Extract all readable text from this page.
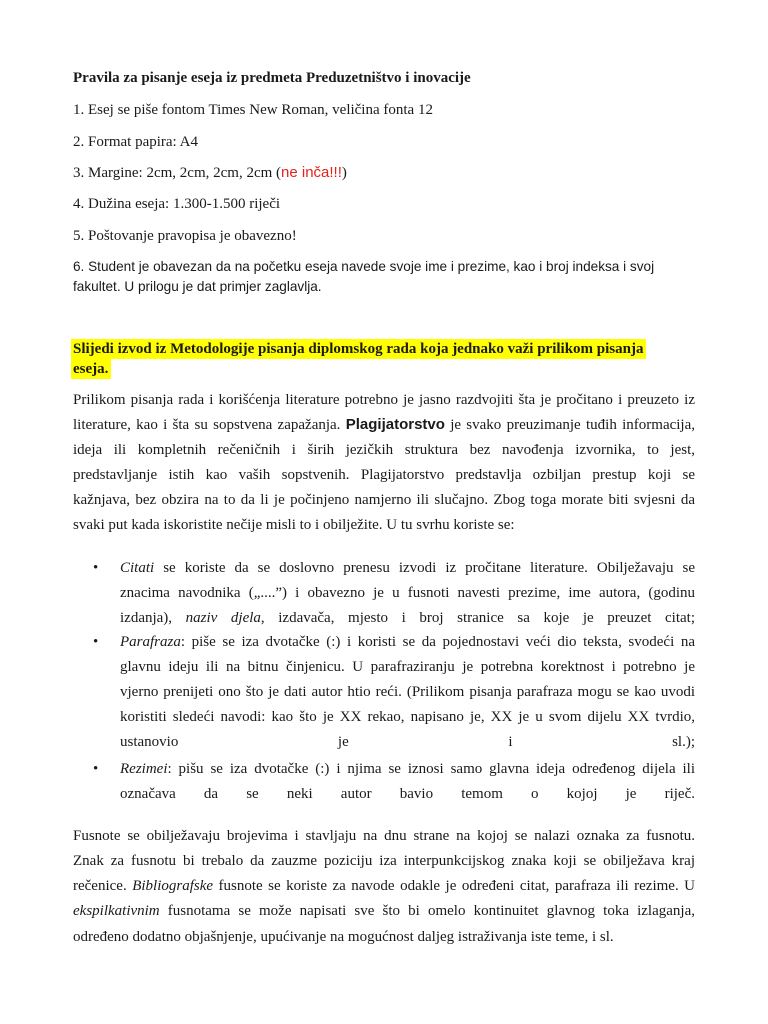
Pravila za pisanje eseja iz predmeta Preduzetništvo i inovacije

1. Esej se piše fontom Times New Roman, veličina fonta 12

2. Format papira: A4

3. Margine: 2cm, 2cm, 2cm, 2cm (ne inča!!!)

4. Dužina eseja: 1.300-1.500 riječi

5. Poštovanje pravopisa je obavezno!

6. Student je obavezan da na početku eseja navede svoje ime i prezime, kao i broj indeksa i svoj

fakultet. U prilogu je dat primjer zaglavlja.

Slijedi izvod iz Metodologije pisanja diplomskog rada koja jednako važi prilikom pisanja
eseja.

Prilikom pisanja rada i korišćenja literature potrebno je jasno razdvojiti šta je pročitano i preuzeto iz

literature, kao i šta su sopstvena zapažanja. Plagijatorstvo je svako preuzimanje tuđih informacija,

ideja ili kompletnih rečeničnih i širih jezičkih struktura bez navođenja izvornika, to jest,

predstavljanje istih kao vaših sopstvenih. Plagijatorstvo predstavlja ozbiljan prestup koji se

kažnjava, bez obzira na to da li je počinjeno namjerno ili slučajno. Zbog toga morate biti svjesni da

svaki put kada iskoristite nečije misli to i obilježite. U tu svrhu koriste se:

• Citati se koriste da se doslovno prenesu izvodi iz pročitane literature. Obilježavaju se

znacima navodnika („....”) i obavezno je u fusnoti navesti prezime, ime autora, (godinu

izdanja), naziv djela, izdavača, mjesto i broj stranice sa koje je preuzet citat;

• Parafraza: piše se iza dvotačke (:) i koristi se da pojednostavi veći dio teksta, svodeći na

glavnu ideju ili na bitnu činjenicu. U parafraziranju je potrebna korektnost i potrebno je

vjerno prenijeti ono što je dati autor htio reći. (Prilikom pisanja parafraza mogu se kao uvodi

koristiti sledeći navodi: kao što je XX rekao, napisano je, XX je u svom dijelu XX tvrdio,

ustanovio je i sl.);

• Rezimei: pišu se iza dvotačke (:) i njima se iznosi samo glavna ideja određenog dijela ili

označava da se neki autor bavio temom o kojoj je riječ.

Fusnote se obilježavaju brojevima i stavljaju na dnu strane na kojoj se nalazi oznaka za fusnotu.

Znak za fusnotu bi trebalo da zauzme poziciju iza interpunkcijskog znaka koji se obilježava kraj

rečenice. Bibliografske fusnote se koriste za navode odakle je određeni citat, parafraza ili rezime. U

ekspilkativnim fusnotama se može napisati sve što bi omelo kontinuitet glavnog toka izlaganja,

određeno dodatno objašnjenje, upućivanje na mogućnost daljeg istraživanja iste teme, i sl.
